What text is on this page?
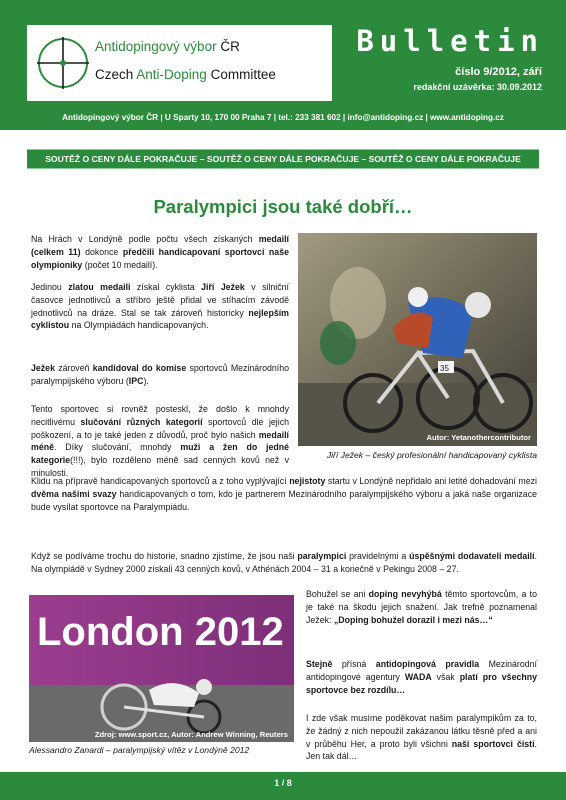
Antidopingový výbor ČR
Czech Anti-Doping Committee
Bulletin
číslo 9/2012, září
redakční uzávěrka: 30.09.2012
Antidopingový výbor ČR | U Sparty 10, 170 00 Praha 7 | tel.: 233 381 602 | info@antidoping.cz | www.antidoping.cz
SOUTĚŽ O CENY DÁLE POKRAČUJE – SOUTĚŽ O CENY DÁLE POKRAČUJE – SOUTĚŽ O CENY DÁLE POKRAČUJE
Paralympici jsou také dobří…
Na Hrách v Londýně podle počtu všech získaných medailí (celkem 11) dokonce předčili handicapovaní sportovci naše olympioniky (počet 10 medailí).
Jedinou zlatou medaili získal cyklista Jiří Ježek v silniční časovce jednotlivců a stříbro ještě přidal ve stíhacím závodě jednotlivců na dráze. Stal se tak zároveň historicky nejlepším cyklistou na Olympiádách handicapovaných.
Ježek zároveň kandidoval do komise sportovců Mezinárodního paralympijského výboru (IPC).
Tento sportovec si rovněž posteskl, že došlo k mnohdy necitlivému slučování různých kategorií sportovců dle jejich poškození, a to je také jeden z důvodů, proč bylo našich medailí méně. Díky slučování, mnohdy muži a žen do jedné kategorie(!!!), bylo rozděleno méně sad cenných kovů než v minulosti.
35
Autor: Yetanothercontributor
Jiří Ježek – český profesionální handicapovaný cyklista
Klidu na přípravě handicapovaných sportovců a z toho vyplývající nejistoty startu v Londýně nepřidalo ani letité dohadování mezi dvěma našimi svazy handicapovaných o tom, kdo je partnerem Mezinárodního paralympijského výboru a jaká naše organizace bude vysílat sportovce na Paralympiádu.
Když se podíváme trochu do historie, snadno zjistíme, že jsou naši paralympici pravidelnými a úspěšnými dodavateli medailí. Na olympiádě v Sydney 2000 získali 43 cenných kovů, v Athénách 2004 – 31 a konečně v Pekingu 2008 – 27.
London 2012
Zdroj: www.sport.cz, Autor: Andrew Winning, Reuters
Alessandro Zanardi – paralympijský vítěz v Londýně 2012
Bohužel se ani doping nevyhýbá těmto sportovcům, a to je také na škodu jejich snažení. Jak trefně poznamenal Ježek: „Doping bohužel dorazil i mezi nás…“
Stejně přísná antidopingová pravidla Mezinárodní antidopingové agentury WADA však platí pro všechny sportovce bez rozdílu…
I zde však musíme poděkovat našim paralympikům za to, že žádný z nich nepoužil zakázanou látku těsně před a ani v průběhu Her, a proto byli všichni naši sportovci čistí. Jen tak dál…
1 / 8
